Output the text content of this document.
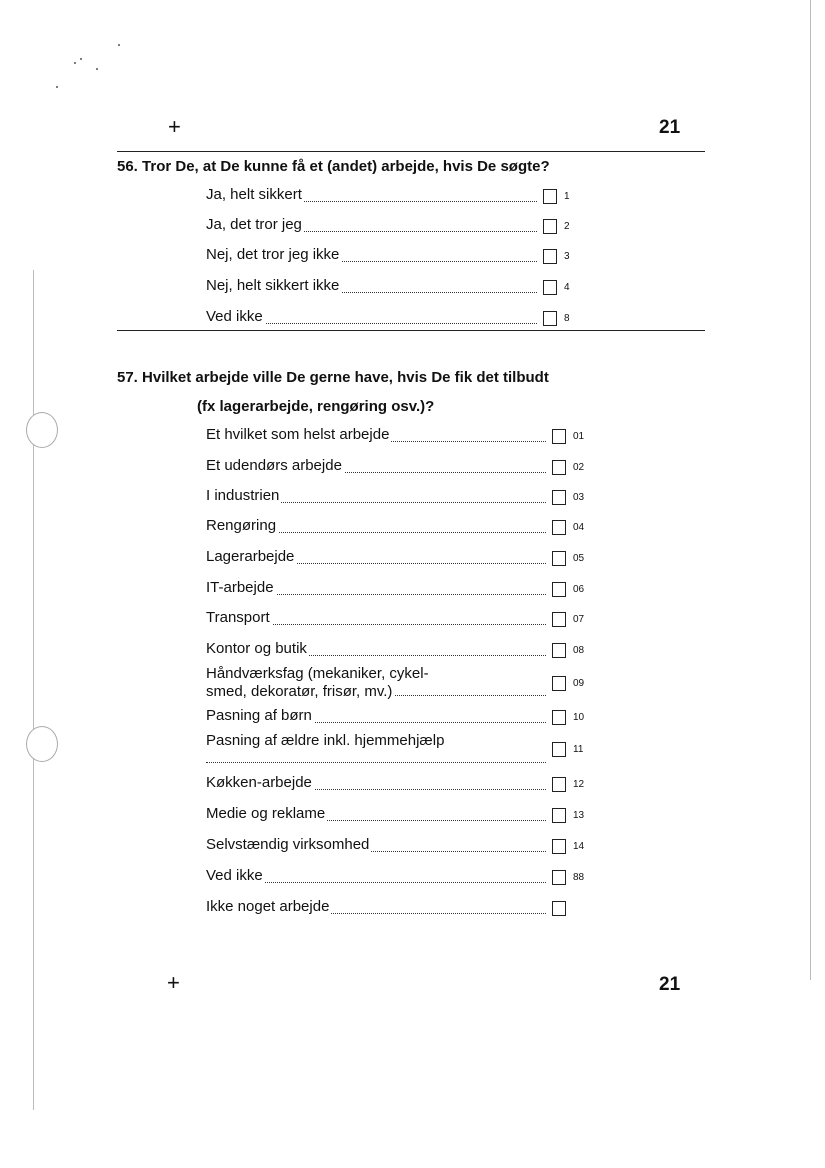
+	21
56. Tror De, at De kunne få et (andet) arbejde, hvis De søgte?
Ja, helt sikkert	1
Ja, det tror jeg	2
Nej, det tror jeg ikke	3
Nej, helt sikkert ikke	4
Ved ikke	8
57. Hvilket arbejde ville De gerne have, hvis De fik det tilbudt
(fx lagerarbejde, rengøring osv.)?
Et hvilket som helst arbejde	01
Et udendørs arbejde	02
I industrien	03
Rengøring	04
Lagerarbejde	05
IT-arbejde	06
Transport	07
Kontor og butik	08
Håndværksfag (mekaniker, cykel-
smed, dekoratør, frisør, mv.)	09
Pasning af børn	10
Pasning af ældre inkl. hjemmehjælp
11
Køkken-arbejde	12
Medie og reklame	13
Selvstændig virksomhed	14
Ved ikke	88
Ikke noget arbejde
+	21
